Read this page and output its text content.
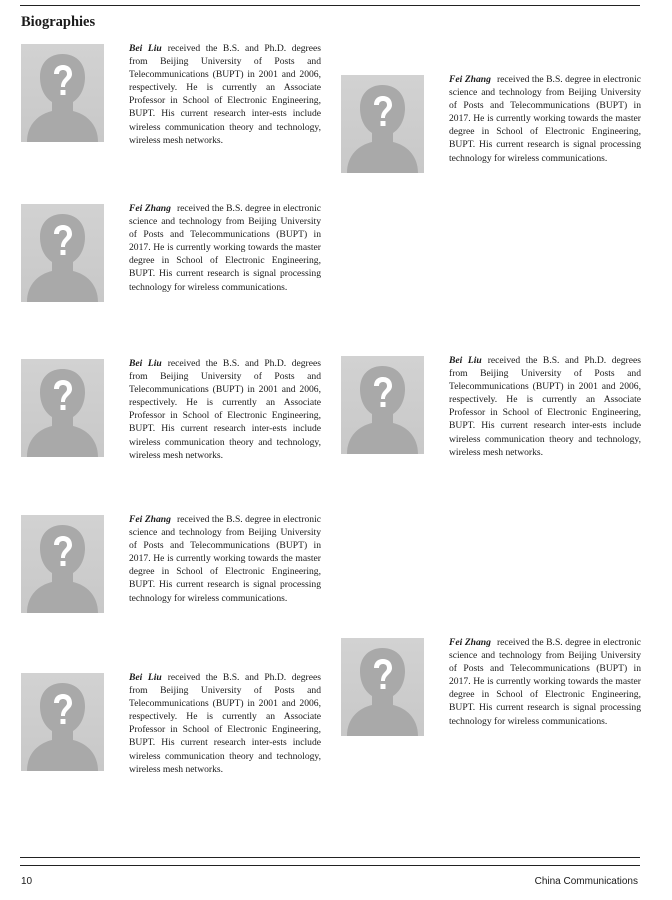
Biographies

Bei Liu received the B.S. and Ph.D. degrees from Beijing University of Posts and Telecommunications (BUPT) in 2001 and 2006, respectively. He is currently an Associate Professor in School of Electronic Engineering, BUPT. His current research inter-ests include wireless communication theory and technology, wireless mesh networks.

Fei Zhang received the B.S. degree in electronic science and technology from Beijing University of Posts and Telecommunications (BUPT) in 2017. He is currently working towards the master degree in School of Electronic Engineering, BUPT. His current research is signal processing technology for wireless communications.

Bei Liu received the B.S. and Ph.D. degrees from Beijing University of Posts and Telecommunications (BUPT) in 2001 and 2006, respectively. He is currently an Associate Professor in School of Electronic Engineering, BUPT. His current research inter-ests include wireless communication theory and technology, wireless mesh networks.

Fei Zhang received the B.S. degree in electronic science and technology from Beijing University of Posts and Telecommunications (BUPT) in 2017. He is currently working towards the master degree in School of Electronic Engineering, BUPT. His current research is signal processing technology for wireless communications.

Bei Liu received the B.S. and Ph.D. degrees from Beijing University of Posts and Telecommunications (BUPT) in 2001 and 2006, respectively. He is currently an Associate Professor in School of Electronic Engineering, BUPT. His current research inter-ests include wireless communication theory and technology, wireless mesh networks.

Fei Zhang received the B.S. degree in electronic science and technology from Beijing University of Posts and Telecommunications (BUPT) in 2017. He is currently working towards the master degree in School of Electronic Engineering, BUPT. His current research is signal processing technology for wireless communications.

Bei Liu received the B.S. and Ph.D. degrees from Beijing University of Posts and Telecommunications (BUPT) in 2001 and 2006, respectively. He is currently an Associate Professor in School of Electronic Engineering, BUPT. His current research inter-ests include wireless communication theory and technology, wireless mesh networks.

Fei Zhang received the B.S. degree in electronic science and technology from Beijing University of Posts and Telecommunications (BUPT) in 2017. He is currently working towards the master degree in School of Electronic Engineering, BUPT. His current research is signal processing technology for wireless communications.

10	China Communications
